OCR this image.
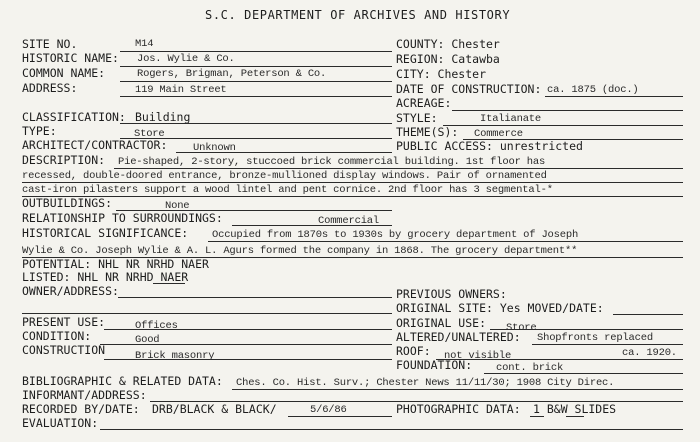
S.C. DEPARTMENT OF ARCHIVES AND HISTORY
SITE NO.	M14
HISTORIC NAME: Jos. Wylie & Co.
COMMON NAME:	Rogers, Brigman, Peterson & Co.
ADDRESS:	119 Main Street
COUNTY: Chester
REGION: Catawba
CITY: Chester
DATE OF CONSTRUCTION: ca. 1875 (doc.)
ACREAGE:
CLASSIFICATION: Building
TYPE:	Store
ARCHITECT/CONTRACTOR: Unknown
STYLE:	Italianate
THEME(S): Commerce
PUBLIC ACCESS: unrestricted
DESCRIPTION: Pie-shaped, 2-story, stuccoed brick commercial building. 1st floor has
recessed, double-doored entrance, bronze-mullioned display windows. Pair of ornamented
cast-iron pilasters support a wood lintel and pent cornice. 2nd floor has 3 segmental-*
OUTBUILDINGS:	None
RELATIONSHIP TO SURROUNDINGS:	Commercial
HISTORICAL SIGNIFICANCE: Occupied from 1870s to 1930s by grocery department of Joseph
Wylie & Co. Joseph Wylie & A. L. Agurs formed the company in 1868. The grocery department**
POTENTIAL: NHL NR NRHD NAER
LISTED: NHL NR NRHD NAER
OWNER/ADDRESS:	PREVIOUS OWNERS:
ORIGINAL SITE: Yes MOVED/DATE:
PRESENT USE:	Offices
CONDITION:	Good
CONSTRUCTION	Brick masonry
ORIGINAL USE: Store
ALTERED/UNALTERED: Shopfronts replaced
ROOF: not visible	ca. 1920.
FOUNDATION: cont. brick
BIBLIOGRAPHIC & RELATED DATA: Ches. Co. Hist. Surv.; Chester News 11/11/30; 1908 City Direc.
INFORMANT/ADDRESS:
RECORDED BY/DATE: DRB/BLACK & BLACK/	5/6/86	PHOTOGRAPHIC DATA: 1 B&W SLIDES
EVALUATION:
